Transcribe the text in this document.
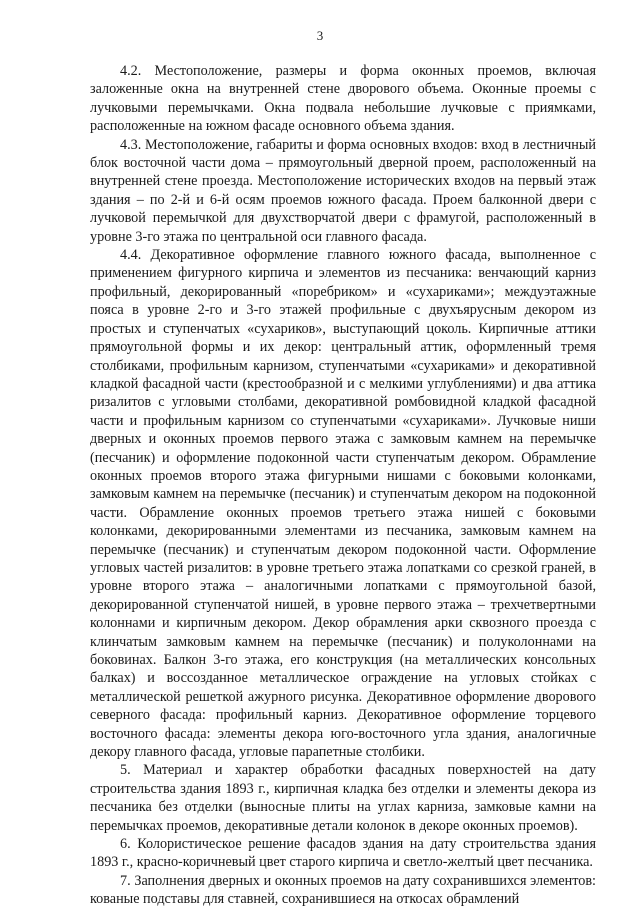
3

4.2. Местоположение, размеры и форма оконных проемов, включая заложенные окна на внутренней стене дворового объема. Оконные проемы с лучковыми перемычками. Окна подвала небольшие лучковые с приямками, расположенные на южном фасаде основного объема здания.

4.3. Местоположение, габариты и форма основных входов: вход в лестничный блок восточной части дома – прямоугольный дверной проем, расположенный на внутренней стене проезда. Местоположение исторических входов на первый этаж здания – по 2-й и 6-й осям проемов южного фасада. Проем балконной двери с лучковой перемычкой для двухстворчатой двери с фрамугой, расположенный в уровне 3-го этажа по центральной оси главного фасада.

4.4. Декоративное оформление главного южного фасада, выполненное с применением фигурного кирпича и элементов из песчаника: венчающий карниз профильный, декорированный «поребриком» и «сухариками»; междуэтажные пояса в уровне 2-го и 3-го этажей профильные с двухъярусным декором из простых и ступенчатых «сухариков», выступающий цоколь. Кирпичные аттики прямоугольной формы и их декор: центральный аттик, оформленный тремя столбиками, профильным карнизом, ступенчатыми «сухариками» и декоративной кладкой фасадной части (крестообразной и с мелкими углублениями) и два аттика ризалитов с угловыми столбами, декоративной ромбовидной кладкой фасадной части и профильным карнизом со ступенчатыми «сухариками». Лучковые ниши дверных и оконных проемов первого этажа с замковым камнем на перемычке (песчаник) и оформление подоконной части ступенчатым декором. Обрамление оконных проемов второго этажа фигурными нишами с боковыми колонками, замковым камнем на перемычке (песчаник) и ступенчатым декором на подоконной части. Обрамление оконных проемов третьего этажа нишей с боковыми колонками, декорированными элементами из песчаника, замковым камнем на перемычке (песчаник) и ступенчатым декором подоконной части. Оформление угловых частей ризалитов: в уровне третьего этажа лопатками со срезкой граней, в уровне второго этажа – аналогичными лопатками с прямоугольной базой, декорированной ступенчатой нишей, в уровне первого этажа – трехчетвертными колоннами и кирпичным декором. Декор обрамления арки сквозного проезда с клинчатым замковым камнем на перемычке (песчаник) и полуколоннами на боковинах. Балкон 3-го этажа, его конструкция (на металлических консольных балках) и воссозданное металлическое ограждение на угловых стойках с металлической решеткой ажурного рисунка. Декоративное оформление дворового северного фасада: профильный карниз. Декоративное оформление торцевого восточного фасада: элементы декора юго-восточного угла здания, аналогичные декору главного фасада, угловые парапетные столбики.

5. Материал и характер обработки фасадных поверхностей на дату строительства здания 1893 г., кирпичная кладка без отделки и элементы декора из песчаника без отделки (выносные плиты на углах карниза, замковые камни на перемычках проемов, декоративные детали колонок в декоре оконных проемов).

6. Колористическое решение фасадов здания на дату строительства здания 1893 г., красно-коричневый цвет старого кирпича и светло-желтый цвет песчаника.

7. Заполнения дверных и оконных проемов на дату сохранившихся элементов: кованые подставы для ставней, сохранившиеся на откосах обрамлений
